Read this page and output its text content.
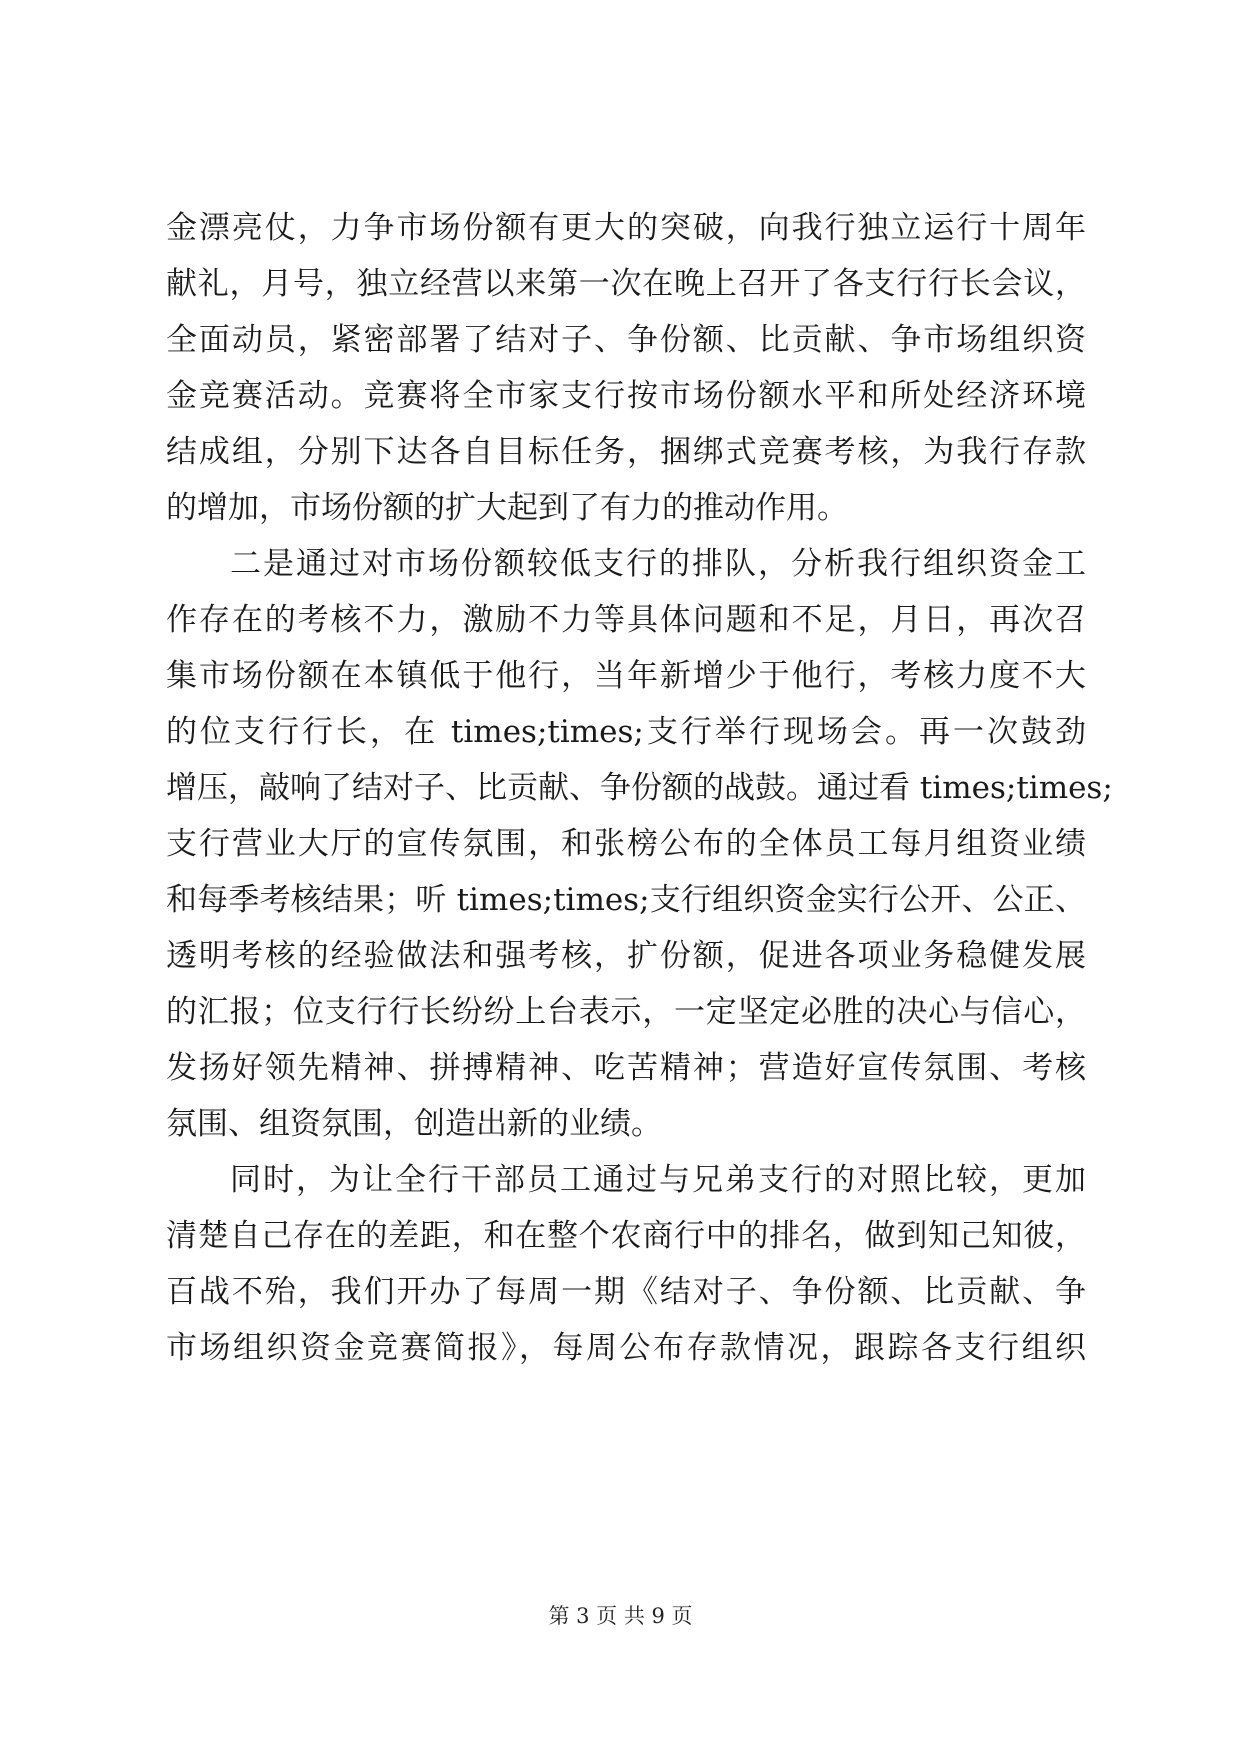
金漂亮仗，力争市场份额有更大的突破，向我行独立运行十周年
献礼，月号，独立经营以来第一次在晚上召开了各支行行长会议，
全面动员，紧密部署了结对子、争份额、比贡献、争市场组织资
金竞赛活动。竞赛将全市家支行按市场份额水平和所处经济环境
结成组，分别下达各自目标任务，捆绑式竞赛考核，为我行存款
的增加，市场份额的扩大起到了有力的推动作用。
二是通过对市场份额较低支行的排队，分析我行组织资金工
作存在的考核不力，激励不力等具体问题和不足，月日，再次召
集市场份额在本镇低于他行，当年新增少于他行，考核力度不大
的位支行行长，在 times;times;支行举行现场会。再一次鼓劲
增压，敲响了结对子、比贡献、争份额的战鼓。通过看 times;times;
支行营业大厅的宣传氛围，和张榜公布的全体员工每月组资业绩
和每季考核结果；听 times;times;支行组织资金实行公开、公正、
透明考核的经验做法和强考核，扩份额，促进各项业务稳健发展
的汇报；位支行行长纷纷上台表示，一定坚定必胜的决心与信心，
发扬好领先精神、拼搏精神、吃苦精神；营造好宣传氛围、考核
氛围、组资氛围，创造出新的业绩。
同时，为让全行干部员工通过与兄弟支行的对照比较，更加
清楚自己存在的差距，和在整个农商行中的排名，做到知己知彼，
百战不殆，我们开办了每周一期《结对子、争份额、比贡献、争
市场组织资金竞赛简报》，每周公布存款情况，跟踪各支行组织
第 3 页 共 9 页
